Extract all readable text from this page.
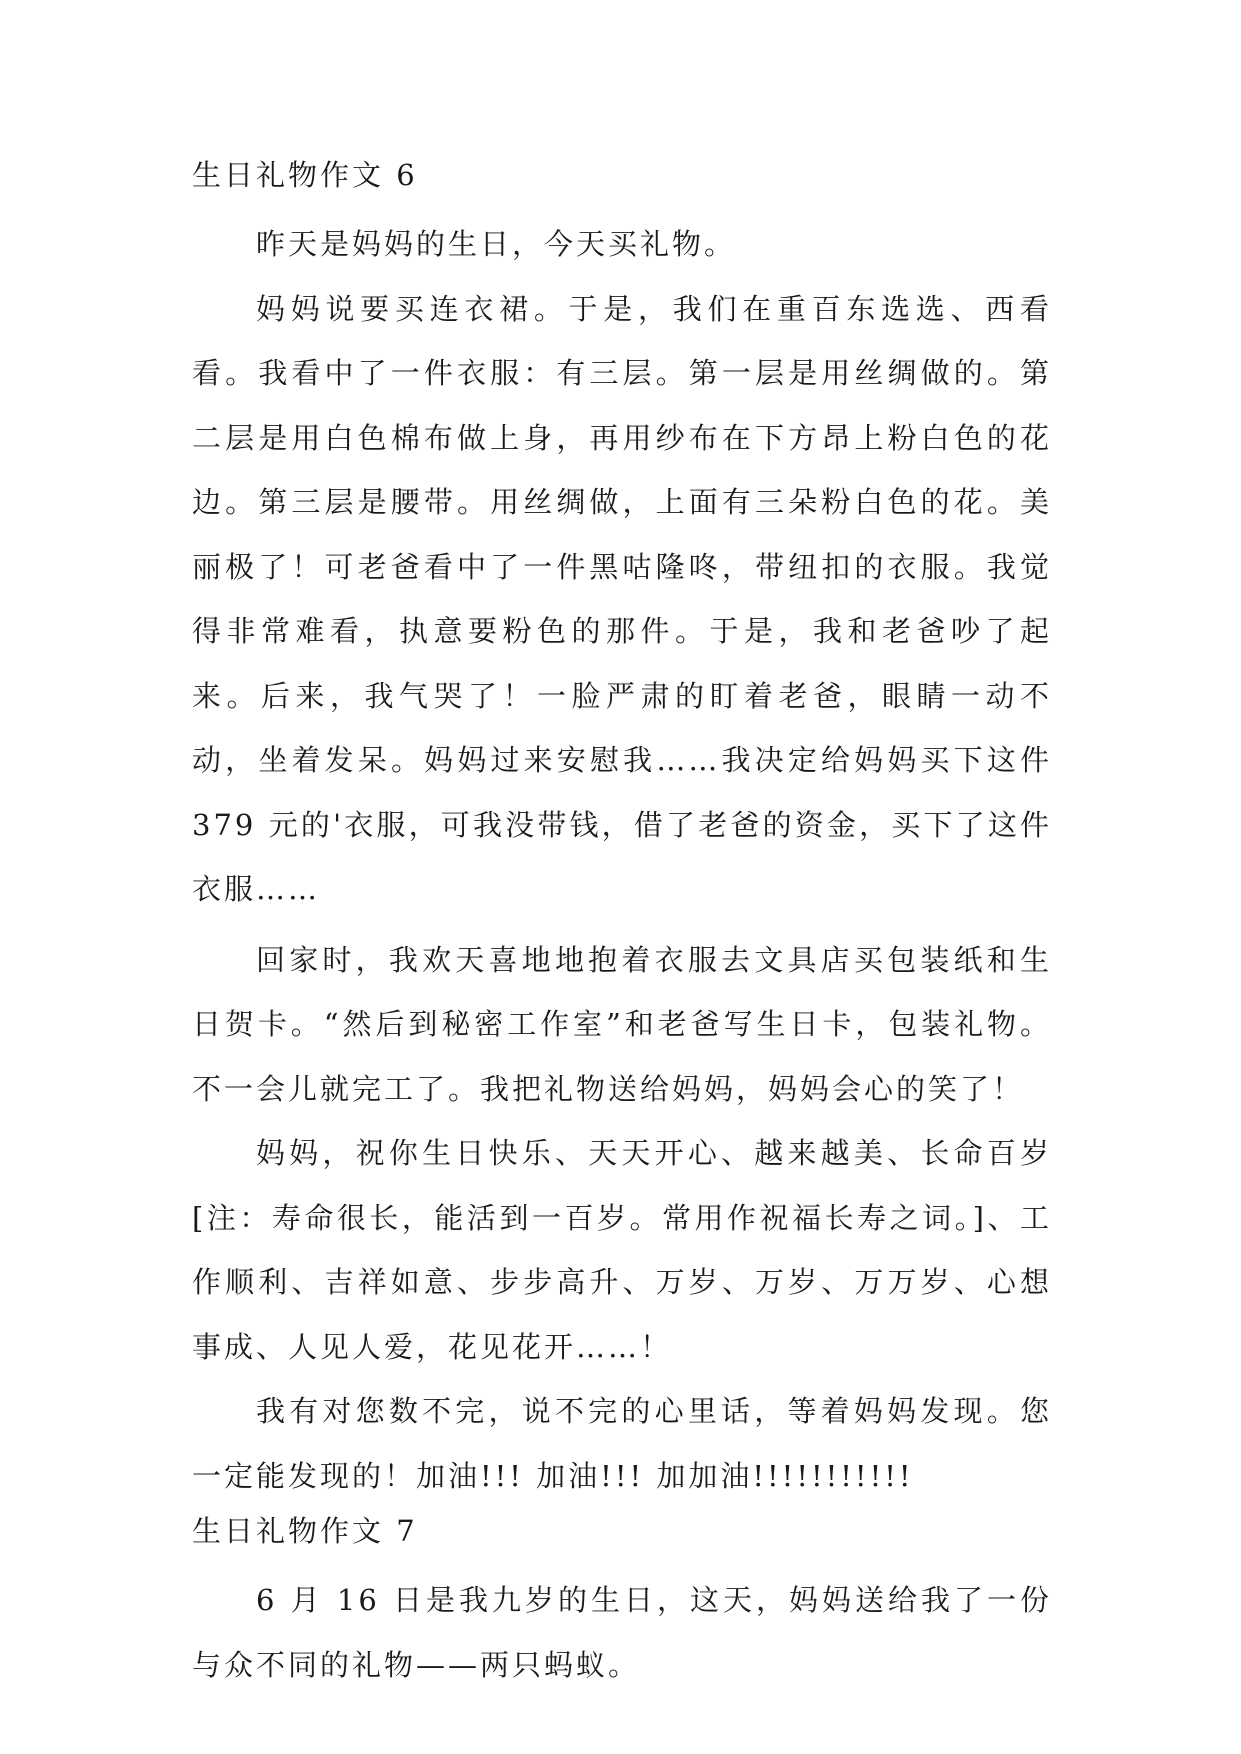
生日礼物作文 6

昨天是妈妈的生日，今天买礼物。

妈妈说要买连衣裙。于是，我们在重百东选选、西看看。我看中了一件衣服：有三层。第一层是用丝绸做的。第二层是用白色棉布做上身，再用纱布在下方昂上粉白色的花边。第三层是腰带。用丝绸做，上面有三朵粉白色的花。美丽极了！可老爸看中了一件黑咕隆咚，带纽扣的衣服。我觉得非常难看，执意要粉色的那件。于是，我和老爸吵了起来。后来，我气哭了！一脸严肃的盯着老爸，眼睛一动不动，坐着发呆。妈妈过来安慰我……我决定给妈妈买下这件 379 元的'衣服，可我没带钱，借了老爸的资金，买下了这件衣服……

回家时，我欢天喜地地抱着衣服去文具店买包装纸和生日贺卡。“然后到秘密工作室”和老爸写生日卡，包装礼物。不一会儿就完工了。我把礼物送给妈妈，妈妈会心的笑了！

妈妈，祝你生日快乐、天天开心、越来越美、长命百岁[注：寿命很长，能活到一百岁。常用作祝福长寿之词。]、工作顺利、吉祥如意、步步高升、万岁、万岁、万万岁、心想事成、人见人爱，花见花开……！

我有对您数不完，说不完的心里话，等着妈妈发现。您一定能发现的！加油!!! 加油!!! 加加油!!!!!!!!!!!

生日礼物作文 7

6 月 16 日是我九岁的生日，这天，妈妈送给我了一份与众不同的礼物——两只蚂蚁。
